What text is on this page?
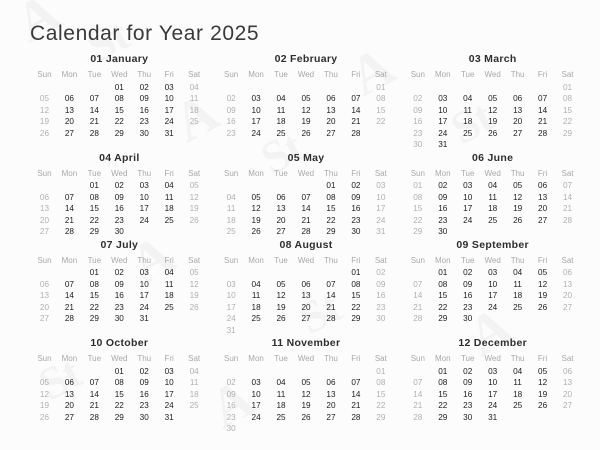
Calendar for Year 2025
01 January
Sun	Mon	Tue	Wed	Thu	Fri	Sat
			01	02	03	04
05	06	07	08	09	10	11
12	13	14	15	16	17	18
19	20	21	22	23	24	25
26	27	28	29	30	31	
02 February
Sun	Mon	Tue	Wed	Thu	Fri	Sat
						01
02	03	04	05	06	07	08
09	10	11	12	13	14	15
16	17	18	19	20	21	22
23	24	25	26	27	28	
03 March
Sun	Mon	Tue	Wed	Thu	Fri	Sat
						01
02	03	04	05	06	07	08
09	10	11	12	13	14	15
16	17	18	19	20	21	22
23	24	25	26	27	28	29
30	31					
04 April
Sun	Mon	Tue	Wed	Thu	Fri	Sat
		01	02	03	04	05
06	07	08	09	10	11	12
13	14	15	16	17	18	19
20	21	22	23	24	25	26
27	28	29	30			
05 May
Sun	Mon	Tue	Wed	Thu	Fri	Sat
				01	02	03
04	05	06	07	08	09	10
11	12	13	14	15	16	17
18	19	20	21	22	23	24
25	26	27	28	29	30	31
06 June
Sun	Mon	Tue	Wed	Thu	Fri	Sat
01	02	03	04	05	06	07
08	09	10	11	12	13	14
15	16	17	18	19	20	21
22	23	24	25	26	27	28
29	30					
07 July
Sun	Mon	Tue	Wed	Thu	Fri	Sat
		01	02	03	04	05
06	07	08	09	10	11	12
13	14	15	16	17	18	19
20	21	22	23	24	25	26
27	28	29	30	31		
08 August
Sun	Mon	Tue	Wed	Thu	Fri	Sat
					01	02
03	04	05	06	07	08	09
10	11	12	13	14	15	16
17	18	19	20	21	22	23
24	25	26	27	28	29	30
31						
09 September
Sun	Mon	Tue	Wed	Thu	Fri	Sat
	01	02	03	04	05	06
07	08	09	10	11	12	13
14	15	16	17	18	19	20
21	22	23	24	25	26	27
28	29	30				
10 October
Sun	Mon	Tue	Wed	Thu	Fri	Sat
			01	02	03	04
05	06	07	08	09	10	11
12	13	14	15	16	17	18
19	20	21	22	23	24	25
26	27	28	29	30	31	
11 November
Sun	Mon	Tue	Wed	Thu	Fri	Sat
						01
02	03	04	05	06	07	08
09	10	11	12	13	14	15
16	17	18	19	20	21	22
23	24	25	26	27	28	29
30						
12 December
Sun	Mon	Tue	Wed	Thu	Fri	Sat
	01	02	03	04	05	06
07	08	09	10	11	12	13
14	15	16	17	18	19	20
21	22	23	24	25	26	27
28	29	30	31			
